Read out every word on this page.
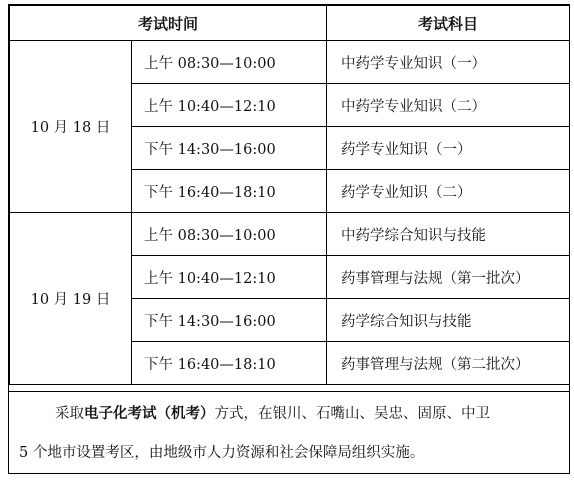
考试时间		考试科目
10 月 18 日	上午 08:30—10:00	中药学专业知识（一）
	上午 10:40—12:10	中药学专业知识（二）
	下午 14:30—16:00	药学专业知识（一）
	下午 16:40—18:10	药学专业知识（二）
10 月 19 日	上午 08:30—10:00	中药学综合知识与技能
	上午 10:40—12:10	药事管理与法规（第一批次）
	下午 14:30—16:00	药学综合知识与技能
	下午 16:40—18:10	药事管理与法规（第二批次）
采取电子化考试（机考）方式，在银川、石嘴山、吴忠、固原、中卫
5 个地市设置考区，由地级市人力资源和社会保障局组织实施。
